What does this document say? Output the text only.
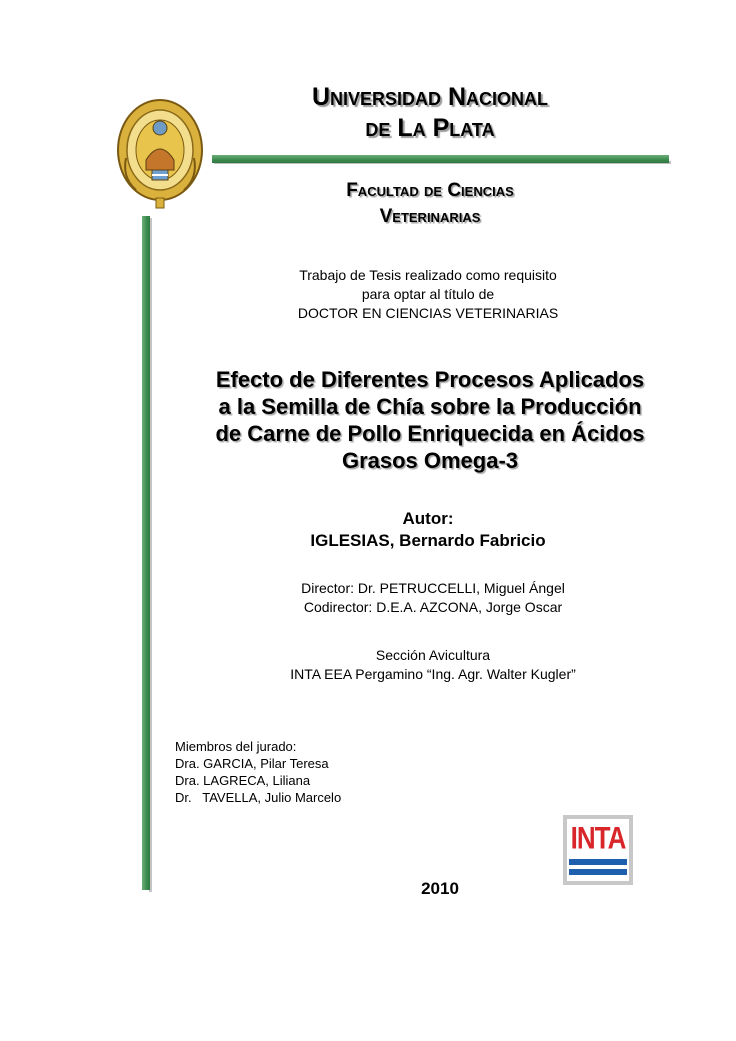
Universidad Nacional
de La Plata
Facultad de Ciencias
Veterinarias
Trabajo de Tesis realizado como requisito
para optar al título de
DOCTOR EN CIENCIAS VETERINARIAS
Efecto de Diferentes Procesos Aplicados
a la Semilla de Chía sobre la Producción
de Carne de Pollo Enriquecida en Ácidos
Grasos Omega-3
Autor:
IGLESIAS, Bernardo Fabricio
Director: Dr. PETRUCCELLI, Miguel Ángel
Codirector: D.E.A. AZCONA, Jorge Oscar
Sección Avicultura
INTA EEA Pergamino “Ing. Agr. Walter Kugler”
Miembros del jurado:
Dra. GARCIA, Pilar Teresa
Dra. LAGRECA, Liliana
Dr.   TAVELLA, Julio Marcelo
INTA
2010
